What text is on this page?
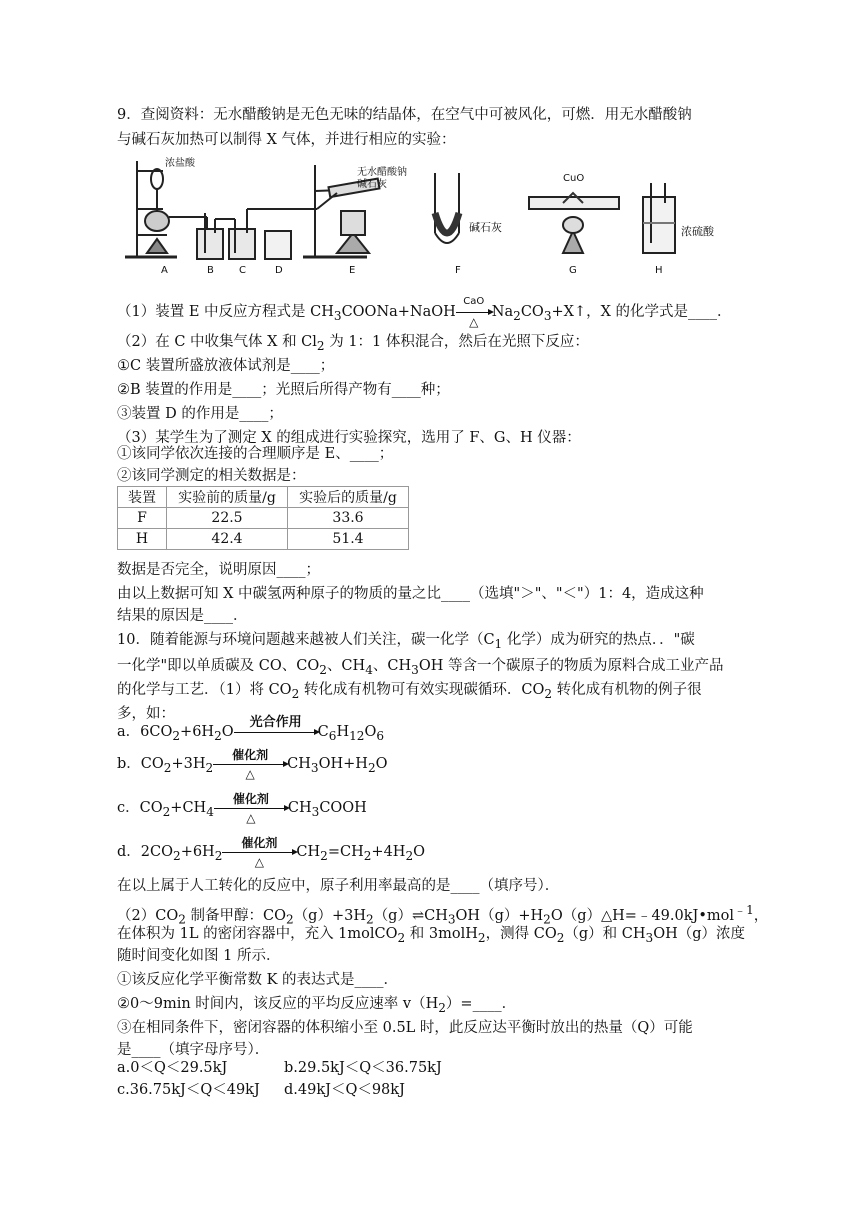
9．查阅资料：无水醋酸钠是无色无味的结晶体，在空气中可被风化，可燃．用无水醋酸钠
与碱石灰加热可以制得 X 气体，并进行相应的实验：
浓盐酸
无水醋酸钠
碱石灰
碱石灰
CuO
浓硫酸
A	B	C	D	E	F	G	H
（1）装置 E 中反应方程式是 $CH_3COONa+NaOH$
CaO
△
$Na_2CO_3+X↑$，X 的化学式是____．
（2）在 C 中收集气体 X 和 $Cl_2$ 为 1：1 体积混合，然后在光照下反应：
①C 装置所盛放液体试剂是____；
②B 装置的作用是____；光照后所得产物有____种；
③装置 D 的作用是____；
（3）某学生为了测定 X 的组成进行实验探究，选用了 F、G、H 仪器：
①该同学依次连接的合理顺序是 E、____；
②该同学测定的相关数据是：
装置	实验前的质量/g	实验后的质量/g
F	22.5	33.6
H	42.4	51.4
数据是否完全，说明原因____；
由以上数据可知 X 中碳氢两种原子的物质的量之比____（选填"＞"、"＜"）1：4，造成这种
结果的原因是____．
10．随着能源与环境问题越来越被人们关注，碳一化学（$C_1$ 化学）成为研究的热点．．"碳
一化学"即以单质碳及 CO、$CO_2$、$CH_4$、$CH_3OH$ 等含一个碳原子的物质为原料合成工业产品
的化学与工艺．（1）将 $CO_2$ 转化成有机物可有效实现碳循环．$CO_2$ 转化成有机物的例子很
多，如：
a．$6CO_2+6H_2O$
光合作用
$C_6H_{12}O_6$
b．$CO_2+3H_2$
催化剂
△
$CH_3OH+H_2O$
c．$CO_2+CH_4$
催化剂
△
$CH_3COOH$
d．$2CO_2+6H_2$
催化剂
△
$CH_2=CH_2+4H_2O$
在以上属于人工转化的反应中，原子利用率最高的是____（填序号）．
$(2)CO_2$ 制备甲醇：$CO_2(g)+3H_2(g)\rightleftharpoons CH_3OH(g)+H_2O(g)\triangle H=﹣49.0kJ•mol^{﹣1}$，
在体积为 1L 的密闭容器中，充入 1molCO$_2$ 和 3molH$_2$，测得 $CO_2(g)$和 $CH_3OH(g)$浓度
随时间变化如图 1 所示．
①该反应化学平衡常数 K 的表达式是____．
②0～9min 时间内，该反应的平均反应速率 $v(H_2)=\_\_\_\_$．
③在相同条件下，密闭容器的体积缩小至 0.5L 时，此反应达平衡时放出的热量（Q）可能
是____（填字母序号）．
a.0＜Q＜29.5kJ	b.29.5kJ＜Q＜36.75kJ
c.36.75kJ＜Q＜49kJ d.49kJ＜Q＜98kJ
